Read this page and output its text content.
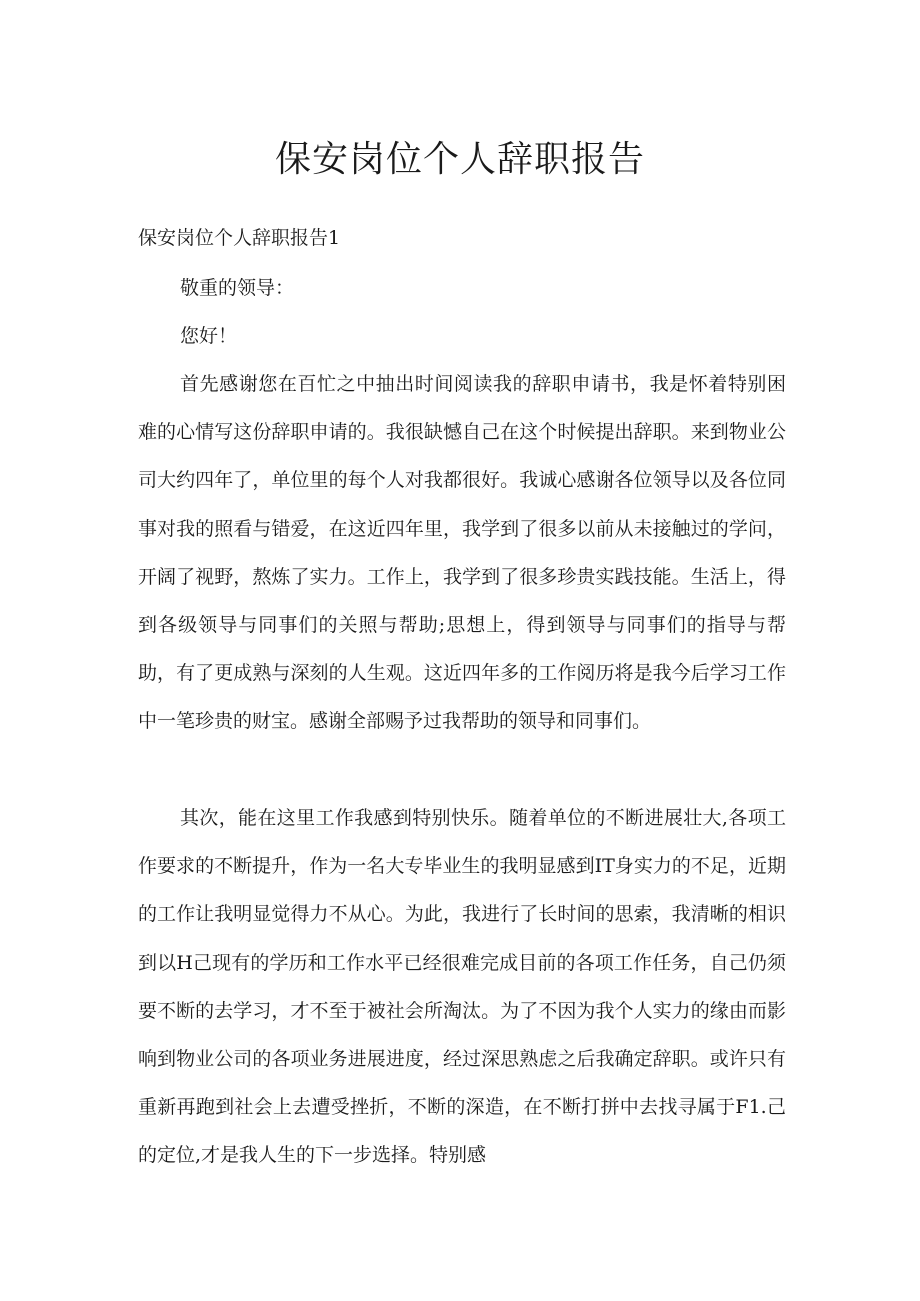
保安岗位个人辞职报告
保安岗位个人辞职报告1

敬重的领导：

您好！

首先感谢您在百忙之中抽出时间阅读我的辞职申请书，我是怀着特别困难的心情写这份辞职申请的。我很缺憾自己在这个时候提出辞职。来到物业公司大约四年了，单位里的每个人对我都很好。我诚心感谢各位领导以及各位同事对我的照看与错爱，在这近四年里，我学到了很多以前从未接触过的学问，开阔了视野，熬炼了实力。工作上，我学到了很多珍贵实践技能。生活上，得到各级领导与同事们的关照与帮助;思想上，得到领导与同事们的指导与帮助，有了更成熟与深刻的人生观。这近四年多的工作阅历将是我今后学习工作中一笔珍贵的财宝。感谢全部赐予过我帮助的领导和同事们。

其次，能在这里工作我感到特别快乐。随着单位的不断进展壮大,各项工作要求的不断提升，作为一名大专毕业生的我明显感到IT身实力的不足，近期的工作让我明显觉得力不从心。为此，我进行了长时间的思索，我清晰的相识到以H己现有的学历和工作水平已经很难完成目前的各项工作任务，自己仍须要不断的去学习，才不至于被社会所淘汰。为了不因为我个人实力的缘由而影响到物业公司的各项业务进展进度，经过深思熟虑之后我确定辞职。或许只有重新再跑到社会上去遭受挫折，不断的深造，在不断打拼中去找寻属于F1.己的定位,才是我人生的下一步选择。特别感
